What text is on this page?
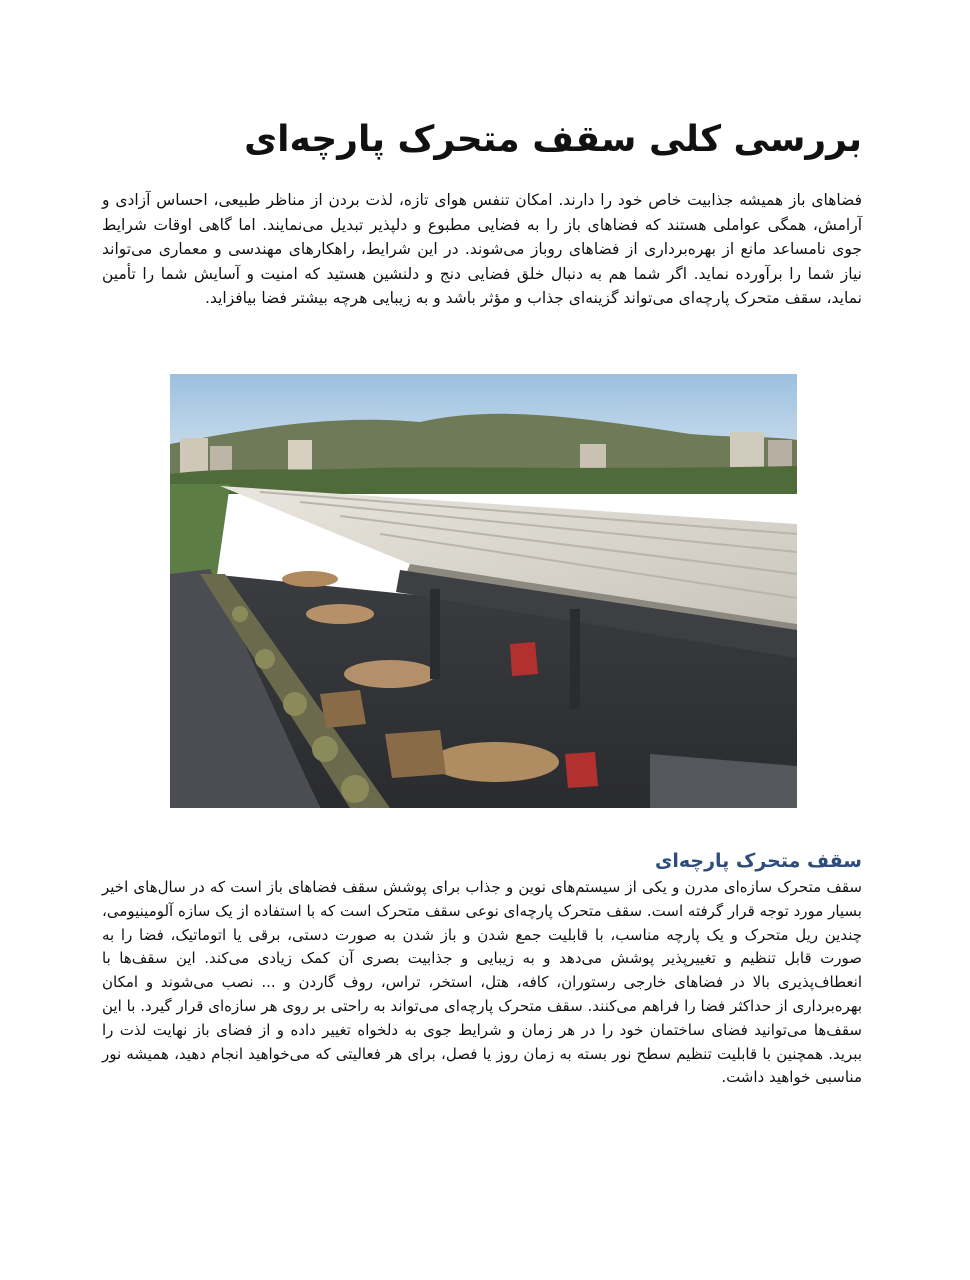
بررسی کلی سقف متحرک پارچه‌ای

فضاهای باز همیشه جذابیت خاص خود را دارند. امکان تنفس هوای تازه، لذت بردن از مناظر طبیعی، احساس آزادی و آرامش، همگی عواملی هستند که فضاهای باز را به فضایی مطبوع و دلپذیر تبدیل می‌نمایند. اما گاهی اوقات شرایط جوی نامساعد مانع از بهره‌برداری از فضاهای روباز می‌شوند. در این شرایط، راهکارهای مهندسی و معماری می‌تواند نیاز شما را برآورده نماید. اگر شما هم به دنبال خلق فضایی دنج و دلنشین هستید که امنیت و آسایش شما را تأمین نماید، سقف متحرک پارچه‌ای می‌تواند گزینه‌ای جذاب و مؤثر باشد و به زیبایی هرچه بیشتر فضا بیافزاید.

سقف متحرک پارچه‌ای

سقف متحرک سازه‌ای مدرن و یکی از سیستم‌های نوین و جذاب برای پوشش سقف فضاهای باز است که در سال‌های اخیر بسیار مورد توجه قرار گرفته است. سقف متحرک پارچه‌ای نوعی سقف متحرک است که با استفاده از یک سازه آلومینیومی، چندین ریل متحرک و یک پارچه مناسب، با قابلیت جمع شدن و باز شدن به صورت دستی، برقی یا اتوماتیک، فضا را به صورت قابل تنظیم و تغییرپذیر پوشش می‌دهد و به زیبایی و جذابیت بصری آن کمک زیادی می‌کند. این سقف‌ها با انعطاف‌پذیری بالا در فضاهای خارجی رستوران، کافه، هتل، استخر، تراس، روف گاردن و ... نصب می‌شوند و امکان بهره‌برداری از حداکثر فضا را فراهم می‌کنند. سقف متحرک پارچه‌ای می‌تواند به راحتی بر روی هر سازه‌ای قرار گیرد. با این سقف‌ها می‌توانید فضای ساختمان خود را در هر زمان و شرایط جوی به دلخواه تغییر داده و از فضای باز نهایت لذت را ببرید. همچنین با قابلیت تنظیم سطح نور بسته به زمان روز یا فصل، برای هر فعالیتی که می‌خواهید انجام دهید، همیشه نور مناسبی خواهید داشت.
